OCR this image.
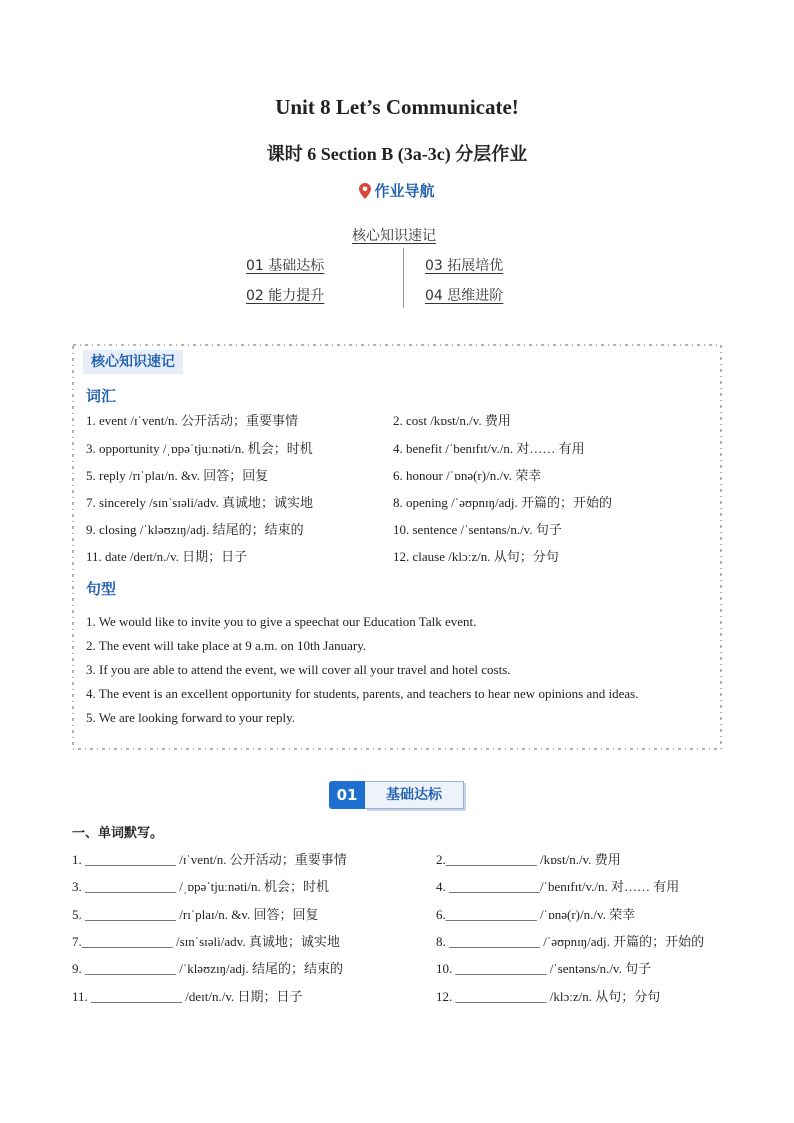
Unit 8 Let’s Communicate!
课时 6 Section B (3a-3c) 分层作业
作业导航
核心知识速记
01 基础达标
02 能力提升
03 拓展培优
04 思维进阶
核心知识速记
词汇
1. event /ɪˈvent/n. 公开活动；重要事情	2. cost /kɒst/n./v. 费用
3. opportunity /ˌɒpəˈtjuːnəti/n. 机会；时机	4. benefit /ˈbenɪfɪt/v./n. 对…… 有用
5. reply /rɪˈplaɪ/n. &v. 回答；回复	6. honour /ˈɒnə(r)/n./v. 荣幸
7. sincerely /sɪnˈsɪəli/adv. 真诚地；诚实地	8. opening /ˈəʊpnɪŋ/adj. 开篇的；开始的
9. closing /ˈkləʊzɪŋ/adj. 结尾的；结束的	10. sentence /ˈsentəns/n./v. 句子
11. date /deɪt/n./v. 日期；日子	12. clause /klɔːz/n. 从句；分句
句型
1. We would like to invite you to give a speechat our Education Talk event.
2. The event will take place at 9 a.m. on 10th January.
3. If you are able to attend the event, we will cover all your travel and hotel costs.
4. The event is an excellent opportunity for students, parents, and teachers to hear new opinions and ideas.
5. We are looking forward to your reply.
01	基础达标
一、单词默写。
1. ______________ /ɪˈvent/n. 公开活动；重要事情	2.______________ /kɒst/n./v. 费用
3. ______________ /ˌɒpəˈtjuːnəti/n. 机会；时机	4. ______________/ˈbenɪfɪt/v./n. 对…… 有用
5. ______________ /rɪˈplaɪ/n. &v. 回答；回复	6.______________ /ˈɒnə(r)/n./v. 荣幸
7.______________ /sɪnˈsɪəli/adv. 真诚地；诚实地	8. ______________ /ˈəʊpnɪŋ/adj. 开篇的；开始的
9. ______________ /ˈkləʊzɪŋ/adj. 结尾的；结束的	10. ______________ /ˈsentəns/n./v. 句子
11. ______________ /deɪt/n./v. 日期；日子	12. ______________ /klɔːz/n. 从句；分句
